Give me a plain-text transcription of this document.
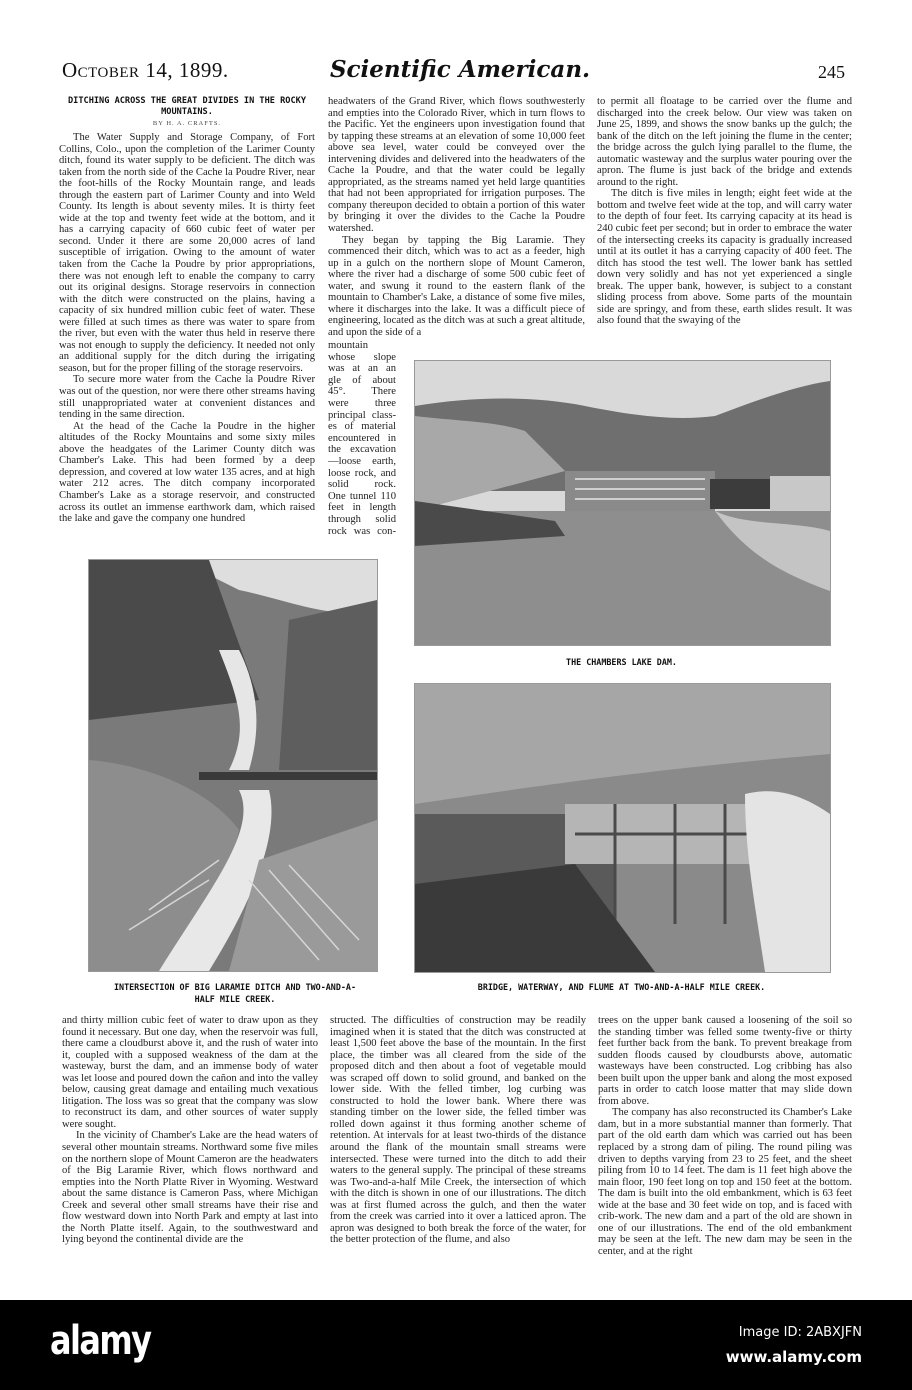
October 14, 1899.	Scientific American.	245
DITCHING ACROSS THE GREAT DIVIDES IN THE ROCKY MOUNTAINS.
BY H. A. CRAFTS.

The Water Supply and Storage Company, of Fort Collins, Colo., upon the completion of the Larimer County ditch, found its water supply to be deficient. The ditch was taken from the north side of the Cache la Poudre River, near the foot-hills of the Rocky Mountain range, and leads through the eastern part of Larimer County and into Weld County. Its length is about seventy miles. It is thirty feet wide at the top and twenty feet wide at the bottom, and it has a carrying capacity of 660 cubic feet of water per second. Under it there are some 20,000 acres of land susceptible of irrigation. Owing to the amount of water taken from the Cache la Poudre by prior appropriations, there was not enough left to enable the company to carry out its original designs. Storage reservoirs in connection with the ditch were constructed on the plains, having a capacity of six hundred million cubic feet of water. These were filled at such times as there was water to spare from the river, but even with the water thus held in reserve there was not enough to supply the deficiency. It needed not only an additional supply for the ditch during the irrigating season, but for the proper filling of the storage reservoirs.

To secure more water from the Cache la Poudre River was out of the question, nor were there other streams having still unappropriated water at convenient distances and tending in the same direction.

At the head of the Cache la Poudre in the higher altitudes of the Rocky Mountains and some sixty miles above the headgates of the Larimer County ditch was Chamber's Lake. This had been formed by a deep depression, and covered at low water 135 acres, and at high water 212 acres. The ditch company incorporated Chamber's Lake as a storage reservoir, and constructed across its outlet an immense earthwork dam, which raised the lake and gave the company one hundred

headwaters of the Grand River, which flows southwesterly and empties into the Colorado River, which in turn flows to the Pacific. Yet the engineers upon investigation found that by tapping these streams at an elevation of some 10,000 feet above sea level, water could be conveyed over the intervening divides and delivered into the headwaters of the Cache la Poudre, and that the water could be legally appropriated, as the streams named yet held large quantities that had not been appropriated for irrigation purposes. The company thereupon decided to obtain a portion of this water by bringing it over the divides to the Cache la Poudre watershed.

They began by tapping the Big Laramie. They commenced their ditch, which was to act as a feeder, high up in a gulch on the northern slope of Mount Cameron, where the river had a discharge of some 500 cubic feet of water, and swung it round to the eastern flank of the mountain to Chamber's Lake, a distance of some five miles, where it discharges into the lake. It was a difficult piece of engineering, located as the ditch was at such a great altitude, and upon the side of a

mountain
whose slope
was at an an
gle of about
45°. There
were three
principal class-
es of material
encountered in
the excavation
—loose earth,
loose rock, and
solid rock.
One tunnel 110
feet in length
through solid
rock was con-

to permit all floatage to be carried over the flume and discharged into the creek below. Our view was taken on June 25, 1899, and shows the snow banks up the gulch; the bank of the ditch on the left joining the flume in the center; the bridge across the gulch lying parallel to the flume, the automatic wasteway and the surplus water pouring over the apron. The flume is just back of the bridge and extends around to the right.

The ditch is five miles in length; eight feet wide at the bottom and twelve feet wide at the top, and will carry water to the depth of four feet. Its carrying capacity at its head is 240 cubic feet per second; but in order to embrace the water of the intersecting creeks its capacity is gradually increased until at its outlet it has a carrying capacity of 400 feet. The ditch has stood the test well. The lower bank has settled down very solidly and has not yet experienced a single break. The upper bank, however, is subject to a constant sliding process from above. Some parts of the mountain side are springy, and from these, earth slides result. It was also found that the swaying of the

THE CHAMBERS LAKE DAM.
BRIDGE, WATERWAY, AND FLUME AT TWO-AND-A-HALF MILE CREEK.
INTERSECTION OF BIG LARAMIE DITCH AND TWO-AND-A-
HALF MILE CREEK.

and thirty million cubic feet of water to draw upon as they found it necessary. But one day, when the reservoir was full, there came a cloudburst above it, and the rush of water into it, coupled with a supposed weakness of the dam at the wasteway, burst the dam, and an immense body of water was let loose and poured down the cañon and into the valley below, causing great damage and entailing much vexatious litigation. The loss was so great that the company was slow to reconstruct its dam, and other sources of water supply were sought.

In the vicinity of Chamber's Lake are the head waters of several other mountain streams. Northward some five miles on the northern slope of Mount Cameron are the headwaters of the Big Laramie River, which flows northward and empties into the North Platte River in Wyoming. Westward about the same distance is Cameron Pass, where Michigan Creek and several other small streams have their rise and flow westward down into North Park and empty at last into the North Platte itself. Again, to the southwestward and lying beyond the continental divide are the

structed. The difficulties of construction may be readily imagined when it is stated that the ditch was constructed at least 1,500 feet above the base of the mountain. In the first place, the timber was all cleared from the side of the proposed ditch and then about a foot of vegetable mould was scraped off down to solid ground, and banked on the lower side. With the felled timber, log curbing was constructed to hold the lower bank. Where there was standing timber on the lower side, the felled timber was rolled down against it thus forming another scheme of retention. At intervals for at least two-thirds of the distance around the flank of the mountain small streams were intersected. These were turned into the ditch to add their waters to the general supply. The principal of these streams was Two-and-a-half Mile Creek, the intersection of which with the ditch is shown in one of our illustrations. The ditch was at first flumed across the gulch, and then the water from the creek was carried into it over a latticed apron. The apron was designed to both break the force of the water, for the better protection of the flume, and also

trees on the upper bank caused a loosening of the soil so the standing timber was felled some twenty-five or thirty feet further back from the bank. To prevent breakage from sudden floods caused by cloudbursts above, automatic wasteways have been constructed. Log cribbing has also been built upon the upper bank and along the most exposed parts in order to catch loose matter that may slide down from above.

The company has also reconstructed its Chamber's Lake dam, but in a more substantial manner than formerly. That part of the old earth dam which was carried out has been replaced by a strong dam of piling. The round piling was driven to depths varying from 23 to 25 feet, and the sheet piling from 10 to 14 feet. The dam is 11 feet high above the main floor, 190 feet long on top and 150 feet at the bottom. The dam is built into the old embankment, which is 63 feet wide at the base and 30 feet wide on top, and is faced with crib-work. The new dam and a part of the old are shown in one of our illustrations. The end of the old embankment may be seen at the left. The new dam may be seen in the center, and at the right

alamy	Image ID: 2ABXJFN
www.alamy.com
